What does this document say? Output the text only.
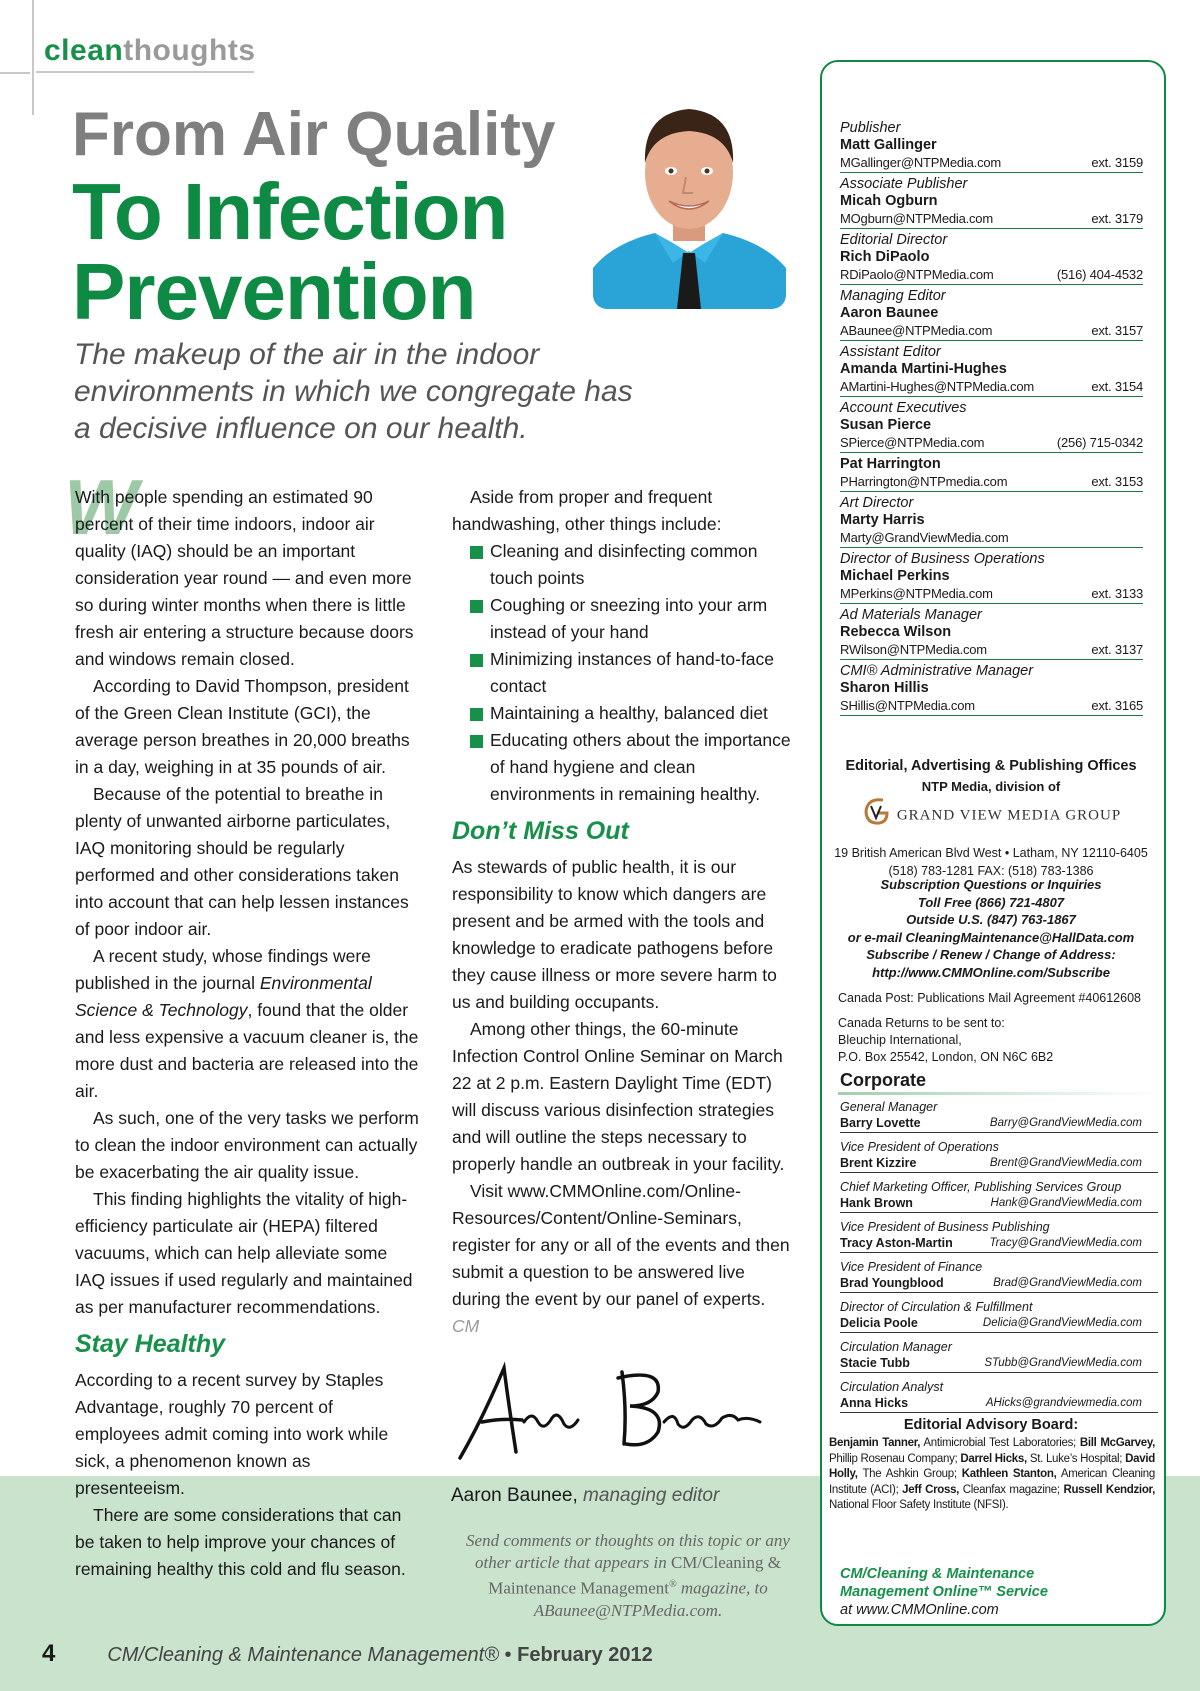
cleanthoughts
From Air Quality
To Infection
Prevention
The makeup of the air in the indoor environments in which we congregate has a decisive influence on our health.
W

With people spending an estimated 90 percent of their time indoors, indoor air quality (IAQ) should be an important consideration year round — and even more so during winter months when there is little fresh air entering a structure because doors and windows remain closed.

According to David Thompson, president of the Green Clean Institute (GCI), the average person breathes in 20,000 breaths in a day, weighing in at 35 pounds of air.

Because of the potential to breathe in plenty of unwanted airborne particulates, IAQ monitoring should be regularly performed and other considerations taken into account that can help lessen instances of poor indoor air.

A recent study, whose findings were published in the journal Environmental Science & Technology, found that the older and less expensive a vacuum cleaner is, the more dust and bacteria are released into the air.

As such, one of the very tasks we perform to clean the indoor environment can actually be exacerbating the air quality issue.

This finding highlights the vitality of high-efficiency particulate air (HEPA) filtered vacuums, which can help alleviate some IAQ issues if used regularly and maintained as per manufacturer recommendations.

Stay Healthy

According to a recent survey by Staples Advantage, roughly 70 percent of employees admit coming into work while sick, a phenomenon known as presenteeism.

There are some considerations that can be taken to help improve your chances of remaining healthy this cold and flu season.

Aside from proper and frequent handwashing, other things include:

Cleaning and disinfecting common touch points
Coughing or sneezing into your arm instead of your hand
Minimizing instances of hand-to-face contact
Maintaining a healthy, balanced diet
Educating others about the importance of hand hygiene and clean environments in remaining healthy.
Don’t Miss Out

As stewards of public health, it is our responsibility to know which dangers are present and be armed with the tools and knowledge to eradicate pathogens before they cause illness or more severe harm to us and building occupants.

Among other things, the 60-minute Infection Control Online Seminar on March 22 at 2 p.m. Eastern Daylight Time (EDT) will discuss various disinfection strategies and will outline the steps necessary to properly handle an outbreak in your facility.

Visit www.CMMOnline.com/Online-Resources/Content/Online-Seminars, register for any or all of the events and then submit a question to be answered live during the event by our panel of experts. CM

Aaron Baunee, managing editor
Send comments or thoughts on this topic or any other article that appears in CM/Cleaning & Maintenance Management® magazine, to ABaunee@NTPMedia.com.
4	CM/Cleaning & Maintenance Management® • February 2012
Publisher
Matt Gallinger
MGallinger@NTPMedia.com	ext. 3159
Associate Publisher
Micah Ogburn
MOgburn@NTPMedia.com	ext. 3179
Editorial Director
Rich DiPaolo
RDiPaolo@NTPMedia.com	(516) 404-4532
Managing Editor
Aaron Baunee
ABaunee@NTPMedia.com	ext. 3157
Assistant Editor
Amanda Martini-Hughes
AMartini-Hughes@NTPMedia.com	ext. 3154
Account Executives
Susan Pierce
SPierce@NTPMedia.com	(256) 715-0342
Pat Harrington
PHarrington@NTPmedia.com	ext. 3153
Art Director
Marty Harris
Marty@GrandViewMedia.com
Director of Business Operations
Michael Perkins
MPerkins@NTPMedia.com	ext. 3133
Ad Materials Manager
Rebecca Wilson
RWilson@NTPMedia.com	ext. 3137
CMI® Administrative Manager
Sharon Hillis
SHillis@NTPMedia.com	ext. 3165
Editorial, Advertising & Publishing Offices
NTP Media, division of
GRAND VIEW MEDIA GROUP
19 British American Blvd West • Latham, NY 12110-6405
(518) 783-1281 FAX: (518) 783-1386
Subscription Questions or Inquiries
Toll Free (866) 721-4807
Outside U.S. (847) 763-1867
or e-mail CleaningMaintenance@HallData.com
Subscribe / Renew / Change of Address:
http://www.CMMOnline.com/Subscribe
Canada Post: Publications Mail Agreement #40612608
Canada Returns to be sent to:
Bleuchip International,
P.O. Box 25542, London, ON N6C 6B2
Corporate
General Manager
Barry Lovette	Barry@GrandViewMedia.com
Vice President of Operations
Brent Kizzire	Brent@GrandViewMedia.com
Chief Marketing Officer, Publishing Services Group
Hank Brown	Hank@GrandViewMedia.com
Vice President of Business Publishing
Tracy Aston-Martin	Tracy@GrandViewMedia.com
Vice President of Finance
Brad Youngblood	Brad@GrandViewMedia.com
Director of Circulation & Fulfillment
Delicia Poole	Delicia@GrandViewMedia.com
Circulation Manager
Stacie Tubb	STubb@GrandViewMedia.com
Circulation Analyst
Anna Hicks	AHicks@grandviewmedia.com
Editorial Advisory Board:
Benjamin Tanner, Antimicrobial Test Laboratories; Bill McGarvey, Phillip Rosenau Company; Darrel Hicks, St. Luke’s Hospital; David Holly, The Ashkin Group; Kathleen Stanton, American Cleaning Institute (ACI); Jeff Cross, Cleanfax magazine; Russell Kendzior, National Floor Safety Institute (NFSI).
CM/Cleaning & Maintenance
Management Online™ Service
at www.CMMOnline.com
